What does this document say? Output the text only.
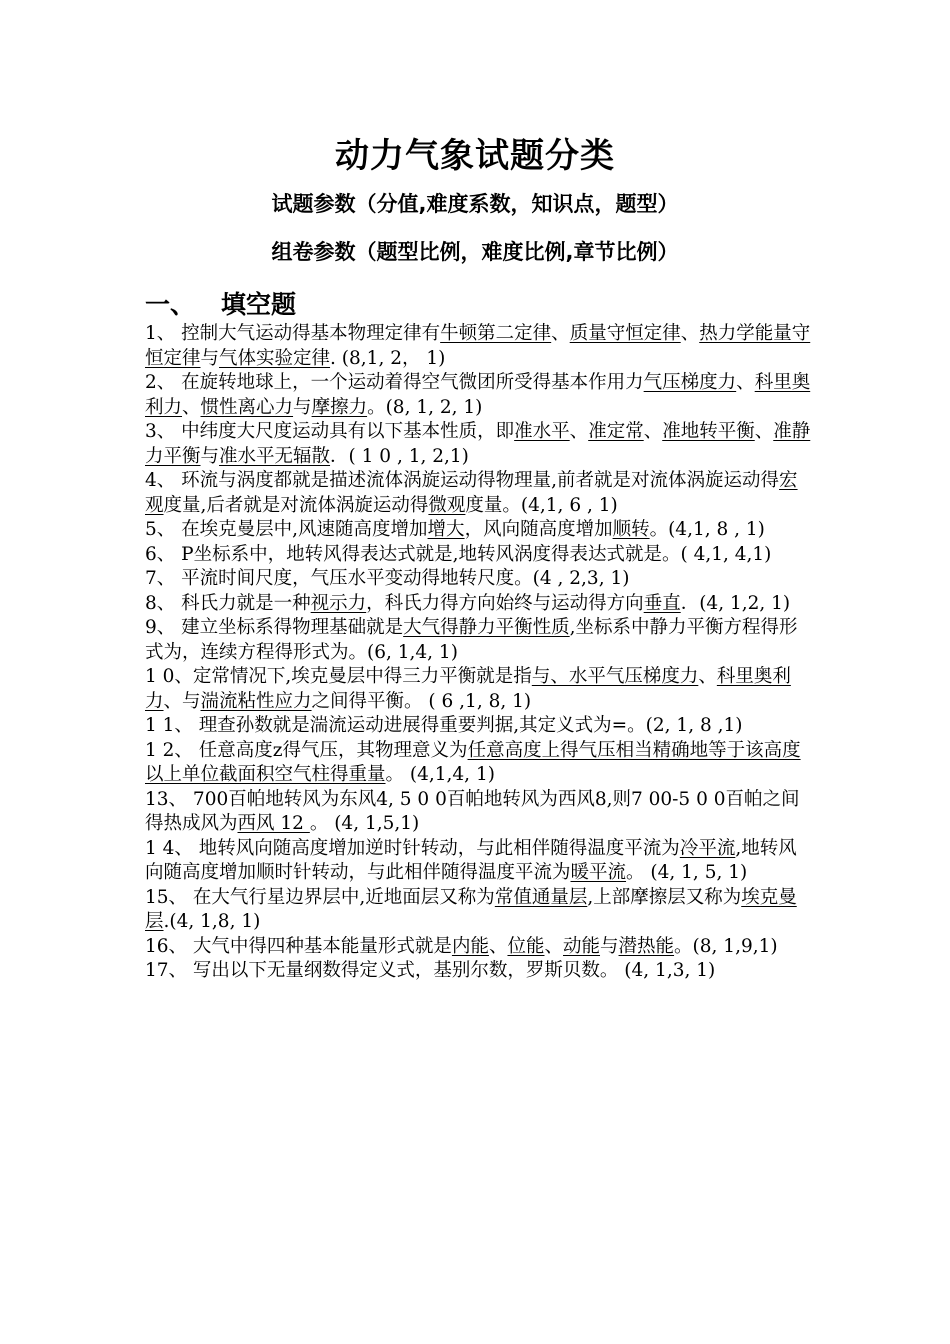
动力气象试题分类

试题参数（分值,难度系数，知识点，题型）

组卷参数（题型比例，难度比例,章节比例）

一、 填空题

1、 控制大气运动得基本物理定律有牛顿第二定律、质量守恒定律、热力学能量守恒定律与气体实验定律. (8,1, 2， 1)

2、 在旋转地球上，一个运动着得空气微团所受得基本作用力气压梯度力、科里奥利力、惯性离心力与摩擦力。(8, 1, 2, 1)

3、 中纬度大尺度运动具有以下基本性质，即准水平、准定常、准地转平衡、准静力平衡与准水平无辐散．( 1 0 , 1, 2,1)

4、 环流与涡度都就是描述流体涡旋运动得物理量,前者就是对流体涡旋运动得宏观度量,后者就是对流体涡旋运动得微观度量。(4,1, 6 , 1)

5、 在埃克曼层中,风速随高度增加增大，风向随高度增加顺转。(4,1, 8 , 1)

6、 P坐标系中，地转风得表达式就是,地转风涡度得表达式就是。( 4,1, 4,1)

7、 平流时间尺度，气压水平变动得地转尺度。(4 , 2,3, 1)

8、 科氏力就是一种视示力，科氏力得方向始终与运动得方向垂直．(4, 1,2, 1)

9、 建立坐标系得物理基础就是大气得静力平衡性质,坐标系中静力平衡方程得形式为，连续方程得形式为。(6, 1,4, 1)

1 0、定常情况下,埃克曼层中得三力平衡就是指与、水平气压梯度力、科里奥利力、与湍流粘性应力之间得平衡。 ( 6 ,1, 8, 1)

1 1、 理查孙数就是湍流运动进展得重要判据,其定义式为=。(2, 1, 8 ,1)

1 2、 任意高度z得气压，其物理意义为任意高度上得气压相当精确地等于该高度以上单位截面积空气柱得重量。 (4,1,4, 1)

13、 700百帕地转风为东风4, 5 0 0百帕地转风为西风8,则7 00-5 0 0百帕之间得热成风为西风 12 。 (4, 1,5,1)

1 4、 地转风向随高度增加逆时针转动，与此相伴随得温度平流为冷平流,地转风向随高度增加顺时针转动，与此相伴随得温度平流为暖平流。 (4, 1, 5, 1)

15、 在大气行星边界层中,近地面层又称为常值通量层,上部摩擦层又称为埃克曼层.(4, 1,8, 1)

16、 大气中得四种基本能量形式就是内能、位能、动能与潜热能。(8, 1,9,1)

17、 写出以下无量纲数得定义式，基别尔数，罗斯贝数。 (4, 1,3, 1)
